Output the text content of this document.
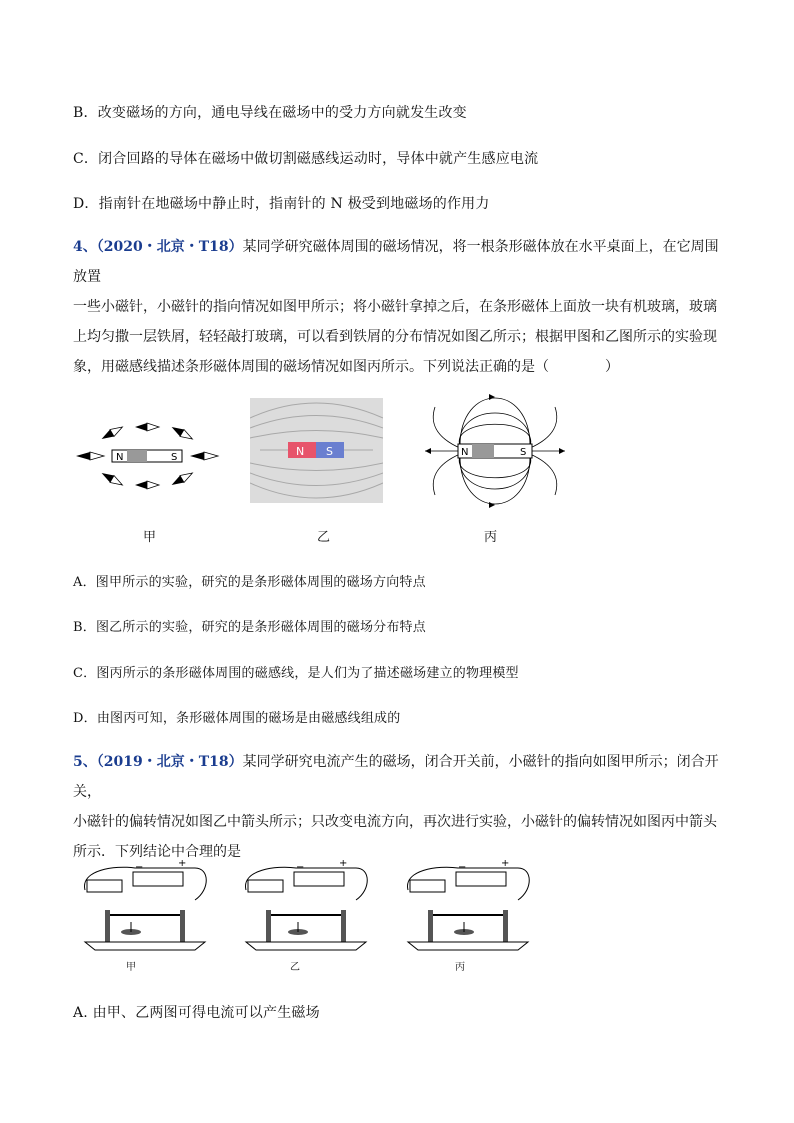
B．改变磁场的方向，通电导线在磁场中的受力方向就发生改变
C．闭合回路的导体在磁场中做切割磁感线运动时，导体中就产生感应电流
D．指南针在地磁场中静止时，指南针的 N 极受到地磁场的作用力
4、（2020・北京・T18）某同学研究磁体周围的磁场情况，将一根条形磁体放在水平桌面上，在它周围放置
一些小磁针，小磁针的指向情况如图甲所示；将小磁针拿掉之后，在条形磁体上面放一块有机玻璃，玻璃
上均匀撒一层铁屑，轻轻敲打玻璃，可以看到铁屑的分布情况如图乙所示；根据甲图和乙图所示的实验现
象，用磁感线描述条形磁体周围的磁场情况如图丙所示。下列说法正确的是（　　　　）
N	S	N S	N	S
甲	乙	丙
A．图甲所示的实验，研究的是条形磁体周围的磁场方向特点
B．图乙所示的实验，研究的是条形磁体周围的磁场分布特点
C．图丙所示的条形磁体周围的磁感线，是人们为了描述磁场建立的物理模型
D．由图丙可知，条形磁体周围的磁场是由磁感线组成的
5、（2019・北京・T18）某同学研究电流产生的磁场，闭合开关前，小磁针的指向如图甲所示；闭合开关，
小磁针的偏转情况如图乙中箭头所示；只改变电流方向，再次进行实验，小磁针的偏转情况如图丙中箭头
所示．下列结论中合理的是
−	+	−	+	−	+
甲	乙	丙
A. 由甲、乙两图可得电流可以产生磁场
